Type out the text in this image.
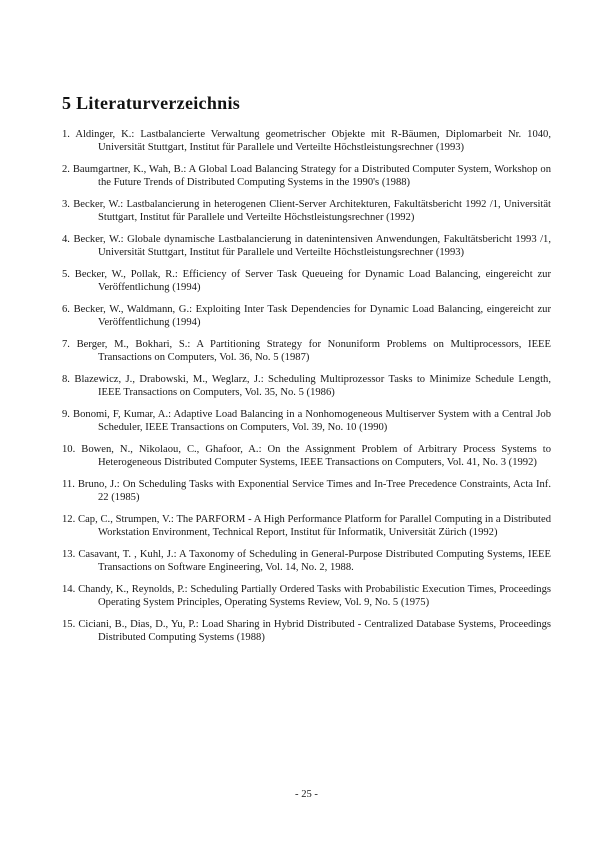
5 Literaturverzeichnis

1. Aldinger, K.: Lastbalancierte Verwaltung geometrischer Objekte mit R-Bäumen, Diplomarbeit Nr. 1040, Universität Stuttgart, Institut für Parallele und Verteilte Höchstleistungsrechner (1993)

2. Baumgartner, K., Wah, B.: A Global Load Balancing Strategy for a Distributed Computer System, Workshop on the Future Trends of Distributed Computing Systems in the 1990's (1988)

3. Becker, W.: Lastbalancierung in heterogenen Client-Server Architekturen, Fakultätsbericht 1992 /1, Universität Stuttgart, Institut für Parallele und Verteilte Höchstleistungsrechner (1992)

4. Becker, W.: Globale dynamische Lastbalancierung in datenintensiven Anwendungen, Fakultätsbericht 1993 /1, Universität Stuttgart, Institut für Parallele und Verteilte Höchstleistungsrechner (1993)

5. Becker, W., Pollak, R.: Efficiency of Server Task Queueing for Dynamic Load Balancing, eingereicht zur Veröffentlichung (1994)

6. Becker, W., Waldmann, G.: Exploiting Inter Task Dependencies for Dynamic Load Balancing, eingereicht zur Veröffentlichung (1994)

7. Berger, M., Bokhari, S.: A Partitioning Strategy for Nonuniform Problems on Multiprocessors, IEEE Transactions on Computers, Vol. 36, No. 5 (1987)

8. Blazewicz, J., Drabowski, M., Weglarz, J.: Scheduling Multiprozessor Tasks to Minimize Schedule Length, IEEE Transactions on Computers, Vol. 35, No. 5 (1986)

9. Bonomi, F, Kumar, A.: Adaptive Load Balancing in a Nonhomogeneous Multiserver System with a Central Job Scheduler, IEEE Transactions on Computers, Vol. 39, No. 10 (1990)

10. Bowen, N., Nikolaou, C., Ghafoor, A.: On the Assignment Problem of Arbitrary Process Systems to Heterogeneous Distributed Computer Systems, IEEE Transactions on Computers, Vol. 41, No. 3 (1992)

11. Bruno, J.: On Scheduling Tasks with Exponential Service Times and In-Tree Precedence Constraints, Acta Inf. 22 (1985)

12. Cap, C., Strumpen, V.: The PARFORM - A High Performance Platform for Parallel Computing in a Distributed Workstation Environment, Technical Report, Institut für Informatik, Universität Zürich (1992)

13. Casavant, T. , Kuhl, J.: A Taxonomy of Scheduling in General-Purpose Distributed Computing Systems, IEEE Transactions on Software Engineering, Vol. 14, No. 2, 1988.

14. Chandy, K., Reynolds, P.: Scheduling Partially Ordered Tasks with Probabilistic Execution Times, Proceedings Operating System Principles, Operating Systems Review, Vol. 9, No. 5 (1975)

15. Ciciani, B., Dias, D., Yu, P.: Load Sharing in Hybrid Distributed - Centralized Database Systems, Proceedings Distributed Computing Systems (1988)

- 25 -
